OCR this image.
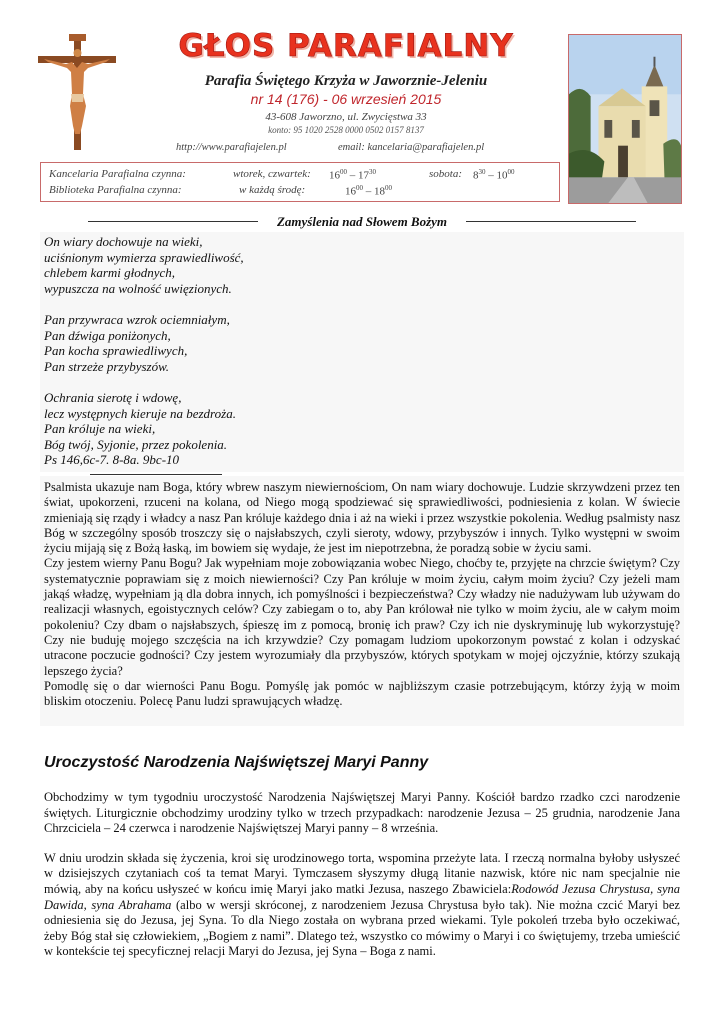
GŁOS PARAFIALNY
Parafia Świętego Krzyża w Jaworznie-Jeleniu
nr 14 (176) - 06 wrzesień 2015
43-608 Jaworzno, ul. Zwycięstwa 33
konto: 95 1020 2528 0000 0502 0157 8137
http://www.parafiajelen.pl	email: kancelaria@parafiajelen.pl
Kancelaria Parafialna czynna:	wtorek, czwartek: $16^{00} - 17^{30}$	sobota: $8^{30} - 10^{00}$
Biblioteka Parafialna czynna:	w każdą środę:	$16^{00} - 18^{00}$
Zamyślenia nad Słowem Bożym
On wiary dochowuje na wieki,
uciśnionym wymierza sprawiedliwość,
chlebem karmi głodnych,
wypuszcza na wolność uwięzionych.
Pan przywraca wzrok ociemniałym,
Pan dźwiga poniżonych,
Pan kocha sprawiedliwych,
Pan strzeże przybyszów.
Ochrania sierotę i wdowę,
lecz występnych kieruje na bezdroża.
Pan króluje na wieki,
Bóg twój, Syjonie, przez pokolenia.
Ps 146,6c-7. 8-8a. 9bc-10

Psalmista ukazuje nam Boga, który wbrew naszym niewiernościom, On nam wiary dochowuje. Ludzie skrzywdzeni przez ten świat, upokorzeni, rzuceni na kolana, od Niego mogą spodziewać się sprawiedliwości, podniesienia z kolan. W świecie zmieniają się rządy i władcy a nasz Pan króluje każdego dnia i aż na wieki i przez wszystkie pokolenia. Według psalmisty nasz Bóg w szczególny sposób troszczy się o najsłabszych, czyli sieroty, wdowy, przybyszów i innych. Tylko występni w swoim życiu mijają się z Bożą łaską, im bowiem się wydaje, że jest im niepotrzebna, że poradzą sobie w życiu sami.

Czy jestem wierny Panu Bogu? Jak wypełniam moje zobowiązania wobec Niego, choćby te, przyjęte na chrzcie świętym? Czy systematycznie poprawiam się z moich niewierności? Czy Pan króluje w moim życiu, całym moim życiu? Czy jeżeli mam jakąś władzę, wypełniam ją dla dobra innych, ich pomyślności i bezpieczeństwa? Czy władzy nie nadużywam lub używam do realizacji własnych, egoistycznych celów? Czy zabiegam o to, aby Pan królował nie tylko w moim życiu, ale w całym moim pokoleniu? Czy dbam o najsłabszych, śpieszę im z pomocą, bronię ich praw? Czy ich nie dyskryminuję lub wykorzystuję? Czy nie buduję mojego szczęścia na ich krzywdzie? Czy pomagam ludziom upokorzonym powstać z kolan i odzyskać utracone poczucie godności? Czy jestem wyrozumiały dla przybyszów, których spotykam w mojej ojczyźnie, którzy szukają lepszego życia?

Pomodlę się o dar wierności Panu Bogu. Pomyślę jak pomóc w najbliższym czasie potrzebującym, którzy żyją w moim bliskim otoczeniu. Polecę Panu ludzi sprawujących władzę.

Uroczystość Narodzenia Najświętszej Maryi Panny

Obchodzimy w tym tygodniu uroczystość Narodzenia Najświętszej Maryi Panny. Kościół bardzo rzadko czci narodzenie świętych. Liturgicznie obchodzimy urodziny tylko w trzech przypadkach: narodzenie Jezusa – 25 grudnia, narodzenie Jana Chrzciciela – 24 czerwca i narodzenie Najświętszej Maryi panny – 8 września.

W dniu urodzin składa się życzenia, kroi się urodzinowego torta, wspomina przeżyte lata. I rzeczą normalna byłoby usłyszeć w dzisiejszych czytaniach coś ta temat Maryi. Tymczasem słyszymy długą litanie nazwisk, które nic nam specjalnie nie mówią, aby na końcu usłyszeć w końcu imię Maryi jako matki Jezusa, naszego Zbawiciela:Rodowód Jezusa Chrystusa, syna Dawida, syna Abrahama (albo w wersji skróconej, z narodzeniem Jezusa Chrystusa było tak). Nie można czcić Maryi bez odniesienia się do Jezusa, jej Syna. To dla Niego została on wybrana przed wiekami. Tyle pokoleń trzeba było oczekiwać, żeby Bóg stał się człowiekiem, „Bogiem z nami”. Dlatego też, wszystko co mówimy o Maryi i co świętujemy, trzeba umieścić w kontekście tej specyficznej relacji Maryi do Jezusa, jej Syna – Boga z nami.
